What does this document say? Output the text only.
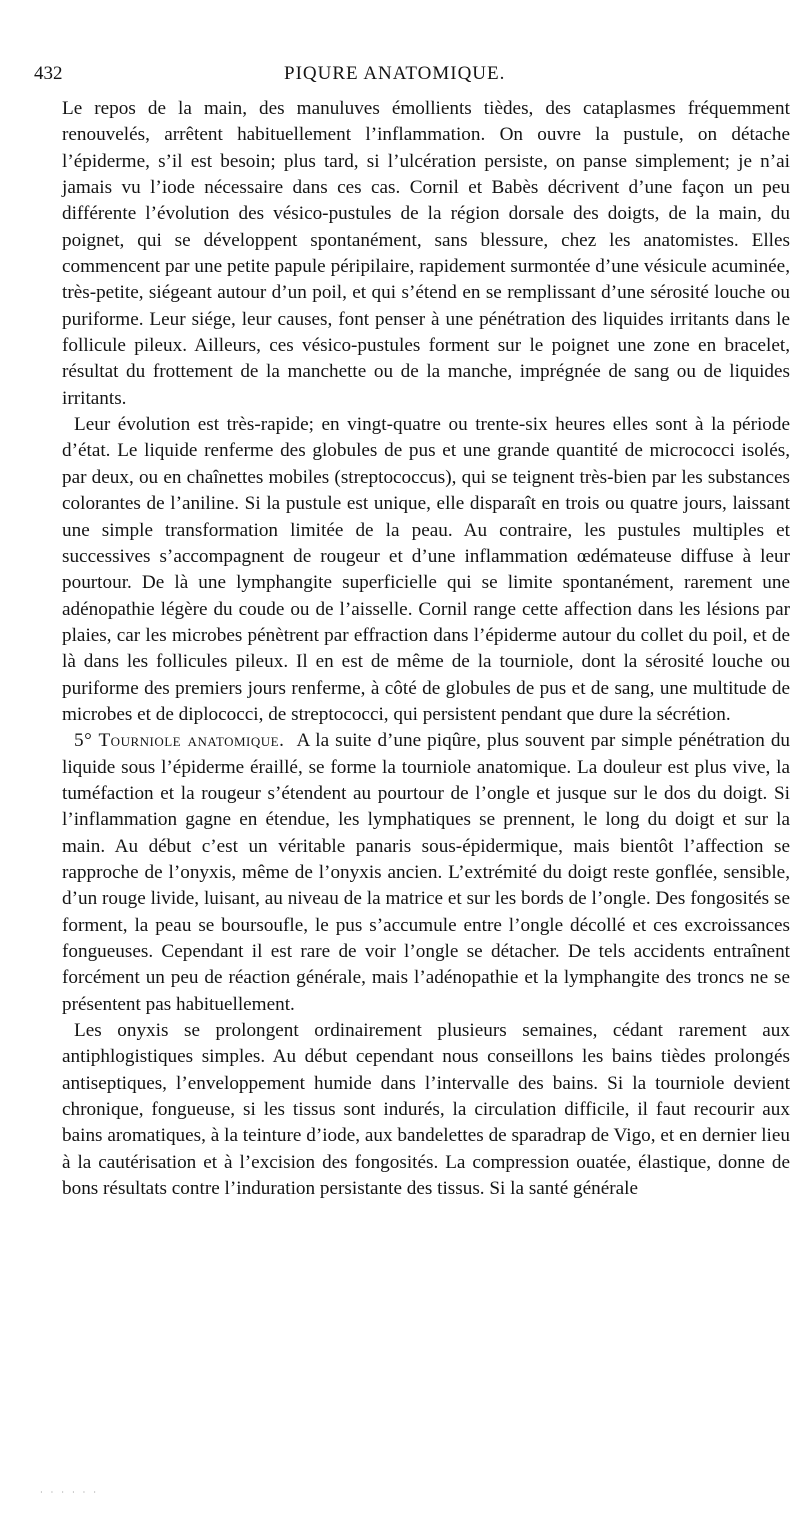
432	PIQURE ANATOMIQUE.

Le repos de la main, des manuluves émollients tièdes, des cataplasmes fréquemment renouvelés, arrêtent habituellement l’inflammation. On ouvre la pustule, on détache l’épiderme, s’il est besoin; plus tard, si l’ulcération persiste, on panse simplement; je n’ai jamais vu l’iode nécessaire dans ces cas. Cornil et Babès décrivent d’une façon un peu différente l’évolution des vésico-pustules de la région dorsale des doigts, de la main, du poignet, qui se développent spontanément, sans blessure, chez les anatomistes. Elles commencent par une petite papule péripilaire, rapidement surmontée d’une vésicule acuminée, très-petite, siégeant autour d’un poil, et qui s’étend en se remplissant d’une sérosité louche ou puriforme. Leur siége, leur causes, font penser à une pénétration des liquides irritants dans le follicule pileux. Ailleurs, ces vésico-pustules forment sur le poignet une zone en bracelet, résultat du frottement de la manchette ou de la manche, imprégnée de sang ou de liquides irritants.

Leur évolution est très-rapide; en vingt-quatre ou trente-six heures elles sont à la période d’état. Le liquide renferme des globules de pus et une grande quantité de micrococci isolés, par deux, ou en chaînettes mobiles (streptococcus), qui se teignent très-bien par les substances colorantes de l’aniline. Si la pustule est unique, elle disparaît en trois ou quatre jours, laissant une simple transformation limitée de la peau. Au contraire, les pustules multiples et successives s’accompagnent de rougeur et d’une inflammation œdémateuse diffuse à leur pourtour. De là une lymphangite superficielle qui se limite spontanément, rarement une adénopathie légère du coude ou de l’aisselle. Cornil range cette affection dans les lésions par plaies, car les microbes pénètrent par effraction dans l’épiderme autour du collet du poil, et de là dans les follicules pileux. Il en est de même de la tourniole, dont la sérosité louche ou puriforme des premiers jours renferme, à côté de globules de pus et de sang, une multitude de microbes et de diplococci, de streptococci, qui persistent pendant que dure la sécrétion.

5° Tourniole anatomique. A la suite d’une piqûre, plus souvent par simple pénétration du liquide sous l’épiderme éraillé, se forme la tourniole anatomique. La douleur est plus vive, la tuméfaction et la rougeur s’étendent au pourtour de l’ongle et jusque sur le dos du doigt. Si l’inflammation gagne en étendue, les lymphatiques se prennent, le long du doigt et sur la main. Au début c’est un véritable panaris sous-épidermique, mais bientôt l’affection se rapproche de l’onyxis, même de l’onyxis ancien. L’extrémité du doigt reste gonflée, sensible, d’un rouge livide, luisant, au niveau de la matrice et sur les bords de l’ongle. Des fongosités se forment, la peau se boursoufle, le pus s’accumule entre l’ongle décollé et ces excroissances fongueuses. Cependant il est rare de voir l’ongle se détacher. De tels accidents entraînent forcément un peu de réaction générale, mais l’adénopathie et la lymphangite des troncs ne se présentent pas habituellement.

Les onyxis se prolongent ordinairement plusieurs semaines, cédant rarement aux antiphlogistiques simples. Au début cependant nous conseillons les bains tièdes prolongés antiseptiques, l’enveloppement humide dans l’intervalle des bains. Si la tourniole devient chronique, fongueuse, si les tissus sont indurés, la circulation difficile, il faut recourir aux bains aromatiques, à la teinture d’iode, aux bandelettes de sparadrap de Vigo, et en dernier lieu à la cautérisation et à l’excision des fongosités. La compression ouatée, élastique, donne de bons résultats contre l’induration persistante des tissus. Si la santé générale

· · · · · ·
